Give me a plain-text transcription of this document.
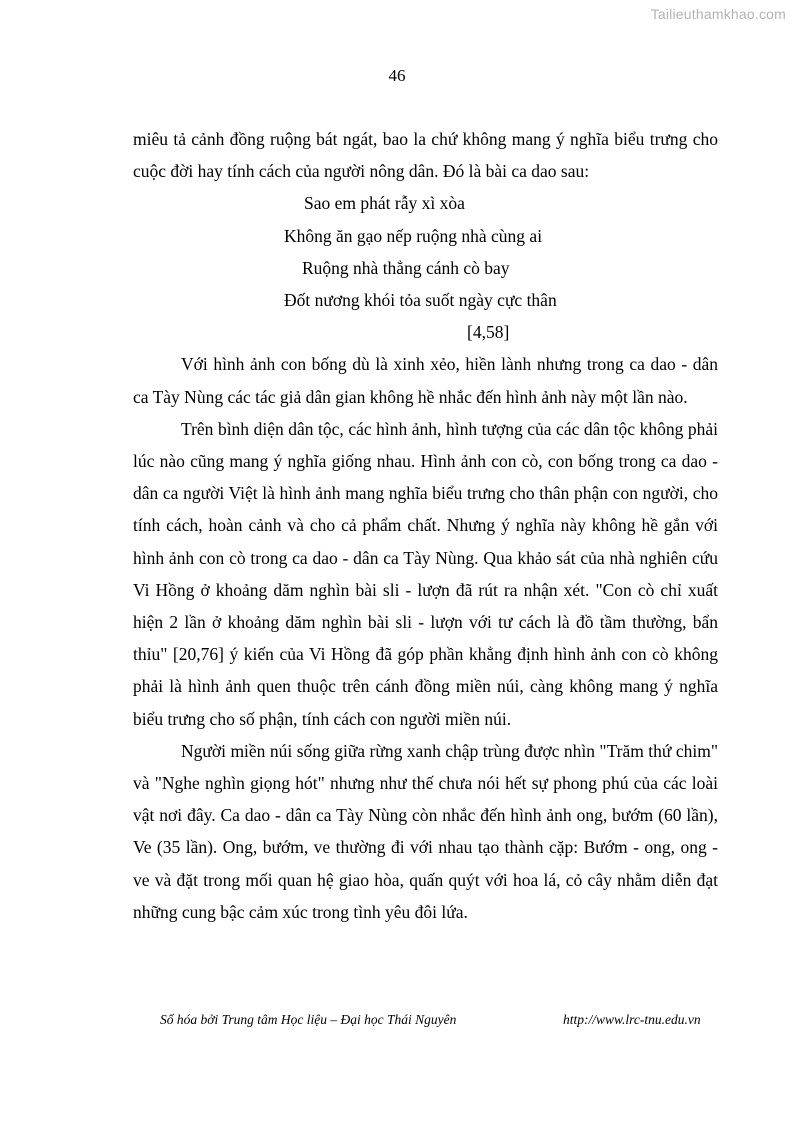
Tailieuthamkhao.com
46

miêu tả cảnh đồng ruộng bát ngát, bao la chứ không mang ý nghĩa biểu trưng cho cuộc đời hay tính cách của người nông dân. Đó là bài ca dao sau:

Sao em phát rẫy xì xòa
Không ăn gạo nếp ruộng nhà cùng ai
Ruộng nhà thẳng cánh cò bay
Đốt nương khói tỏa suốt ngày cực thân
[4,58]

Với hình ảnh con bống dù là xinh xẻo, hiền lành nhưng trong ca dao - dân ca Tày Nùng các tác giả dân gian không hề nhắc đến hình ảnh này một lần nào.

Trên bình diện dân tộc, các hình ảnh, hình tượng của các dân tộc không phải lúc nào cũng mang ý nghĩa giống nhau. Hình ảnh con cò, con bống trong ca dao - dân ca người Việt là hình ảnh mang nghĩa biểu trưng cho thân phận con người, cho tính cách, hoàn cảnh và cho cả phẩm chất. Nhưng ý nghĩa này không hề gắn với hình ảnh con cò trong ca dao - dân ca Tày Nùng. Qua khảo sát của nhà nghiên cứu Vi Hồng ở khoảng dăm nghìn bài sli - lượn đã rút ra nhận xét. "Con cò chỉ xuất hiện 2 lần ở khoảng dăm nghìn bài sli - lượn với tư cách là đồ tầm thường, bẩn thỉu" [20,76] ý kiến của Vi Hồng đã góp phần khẳng định hình ảnh con cò không phải là hình ảnh quen thuộc trên cánh đồng miền núi, càng không mang ý nghĩa biểu trưng cho số phận, tính cách con người miền núi.

Người miền núi sống giữa rừng xanh chập trùng được nhìn "Trăm thứ chim" và "Nghe nghìn giọng hót" nhưng như thế chưa nói hết sự phong phú của các loài vật nơi đây. Ca dao - dân ca Tày Nùng còn nhắc đến hình ảnh ong, bướm (60 lần), Ve (35 lần). Ong, bướm, ve thường đi với nhau tạo thành cặp: Bướm - ong, ong - ve và đặt trong mối quan hệ giao hòa, quấn quýt với hoa lá, cỏ cây nhằm diễn đạt những cung bậc cảm xúc trong tình yêu đôi lứa.

Số hóa bởi Trung tâm Học liệu – Đại học Thái Nguyên	http://www.lrc-tnu.edu.vn
